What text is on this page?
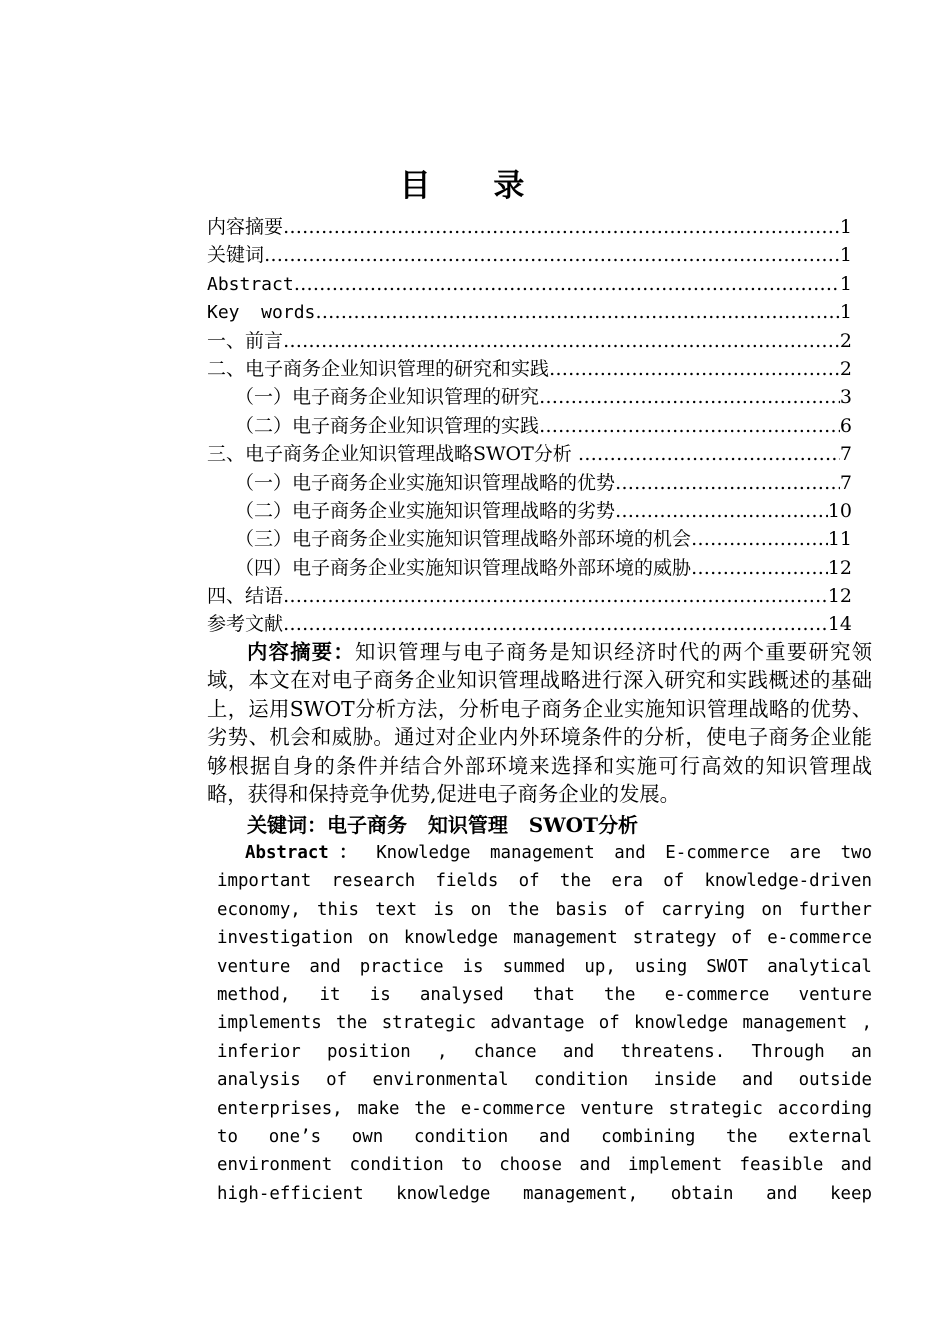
目 录
内容摘要 ……………………………………………………………………………………………………………………………………………………	1
关键词 ……………………………………………………………………………………………………………………………………………………	1
Abstract ……………………………………………………………………………………………………………………………………………………	1
Key  words ……………………………………………………………………………………………………………………………………………………	1
一、前言 ……………………………………………………………………………………………………………………………………………………	2
二、电子商务企业知识管理的研究和实践 ……………………………………………………………………………………………………………………………………………………	2
（一）电子商务企业知识管理的研究 ……………………………………………………………………………………………………………………………………………………	3
（二）电子商务企业知识管理的实践 ……………………………………………………………………………………………………………………………………………………	6
三、电子商务企业知识管理战略SWOT分析 ……………………………………………………………………………………………………………………………………………………	7
（一）电子商务企业实施知识管理战略的优势 ……………………………………………………………………………………………………………………………………………………	7
（二）电子商务企业实施知识管理战略的劣势 ……………………………………………………………………………………………………………………………………………………	10
（三）电子商务企业实施知识管理战略外部环境的机会 ……………………………………………………………………………………………………………………………………………………	11
（四）电子商务企业实施知识管理战略外部环境的威胁 ……………………………………………………………………………………………………………………………………………………	12
四、结语 ……………………………………………………………………………………………………………………………………………………	12
参考文献 ……………………………………………………………………………………………………………………………………………………	14
内容摘要：知识管理与电子商务是知识经济时代的两个重要研究领域，本文在对电子商务企业知识管理战略进行深入研究和实践概述的基础上，运用SWOT分析方法，分析电子商务企业实施知识管理战略的优势、劣势、机会和威胁。通过对企业内外环境条件的分析，使电子商务企业能够根据自身的条件并结合外部环境来选择和实施可行高效的知识管理战略，获得和保持竞争优势,促进电子商务企业的发展。
关键词：电子商务   知识管理   SWOT分析
Abstract ： Knowledge management and E-commerce are two
important research fields of the era of knowledge-driven
economy, this text is on the basis of carrying on further
investigation on knowledge management strategy of e-commerce
venture and practice is summed up, using SWOT analytical
method, it is analysed that the e-commerce venture
implements the strategic advantage of knowledge management ,
inferior position , chance and threatens. Through an
analysis of environmental condition inside and outside
enterprises, make the e-commerce venture strategic according
to one’s own condition and combining the external
environment condition to choose and implement feasible and
high-efficient knowledge management, obtain and keep
